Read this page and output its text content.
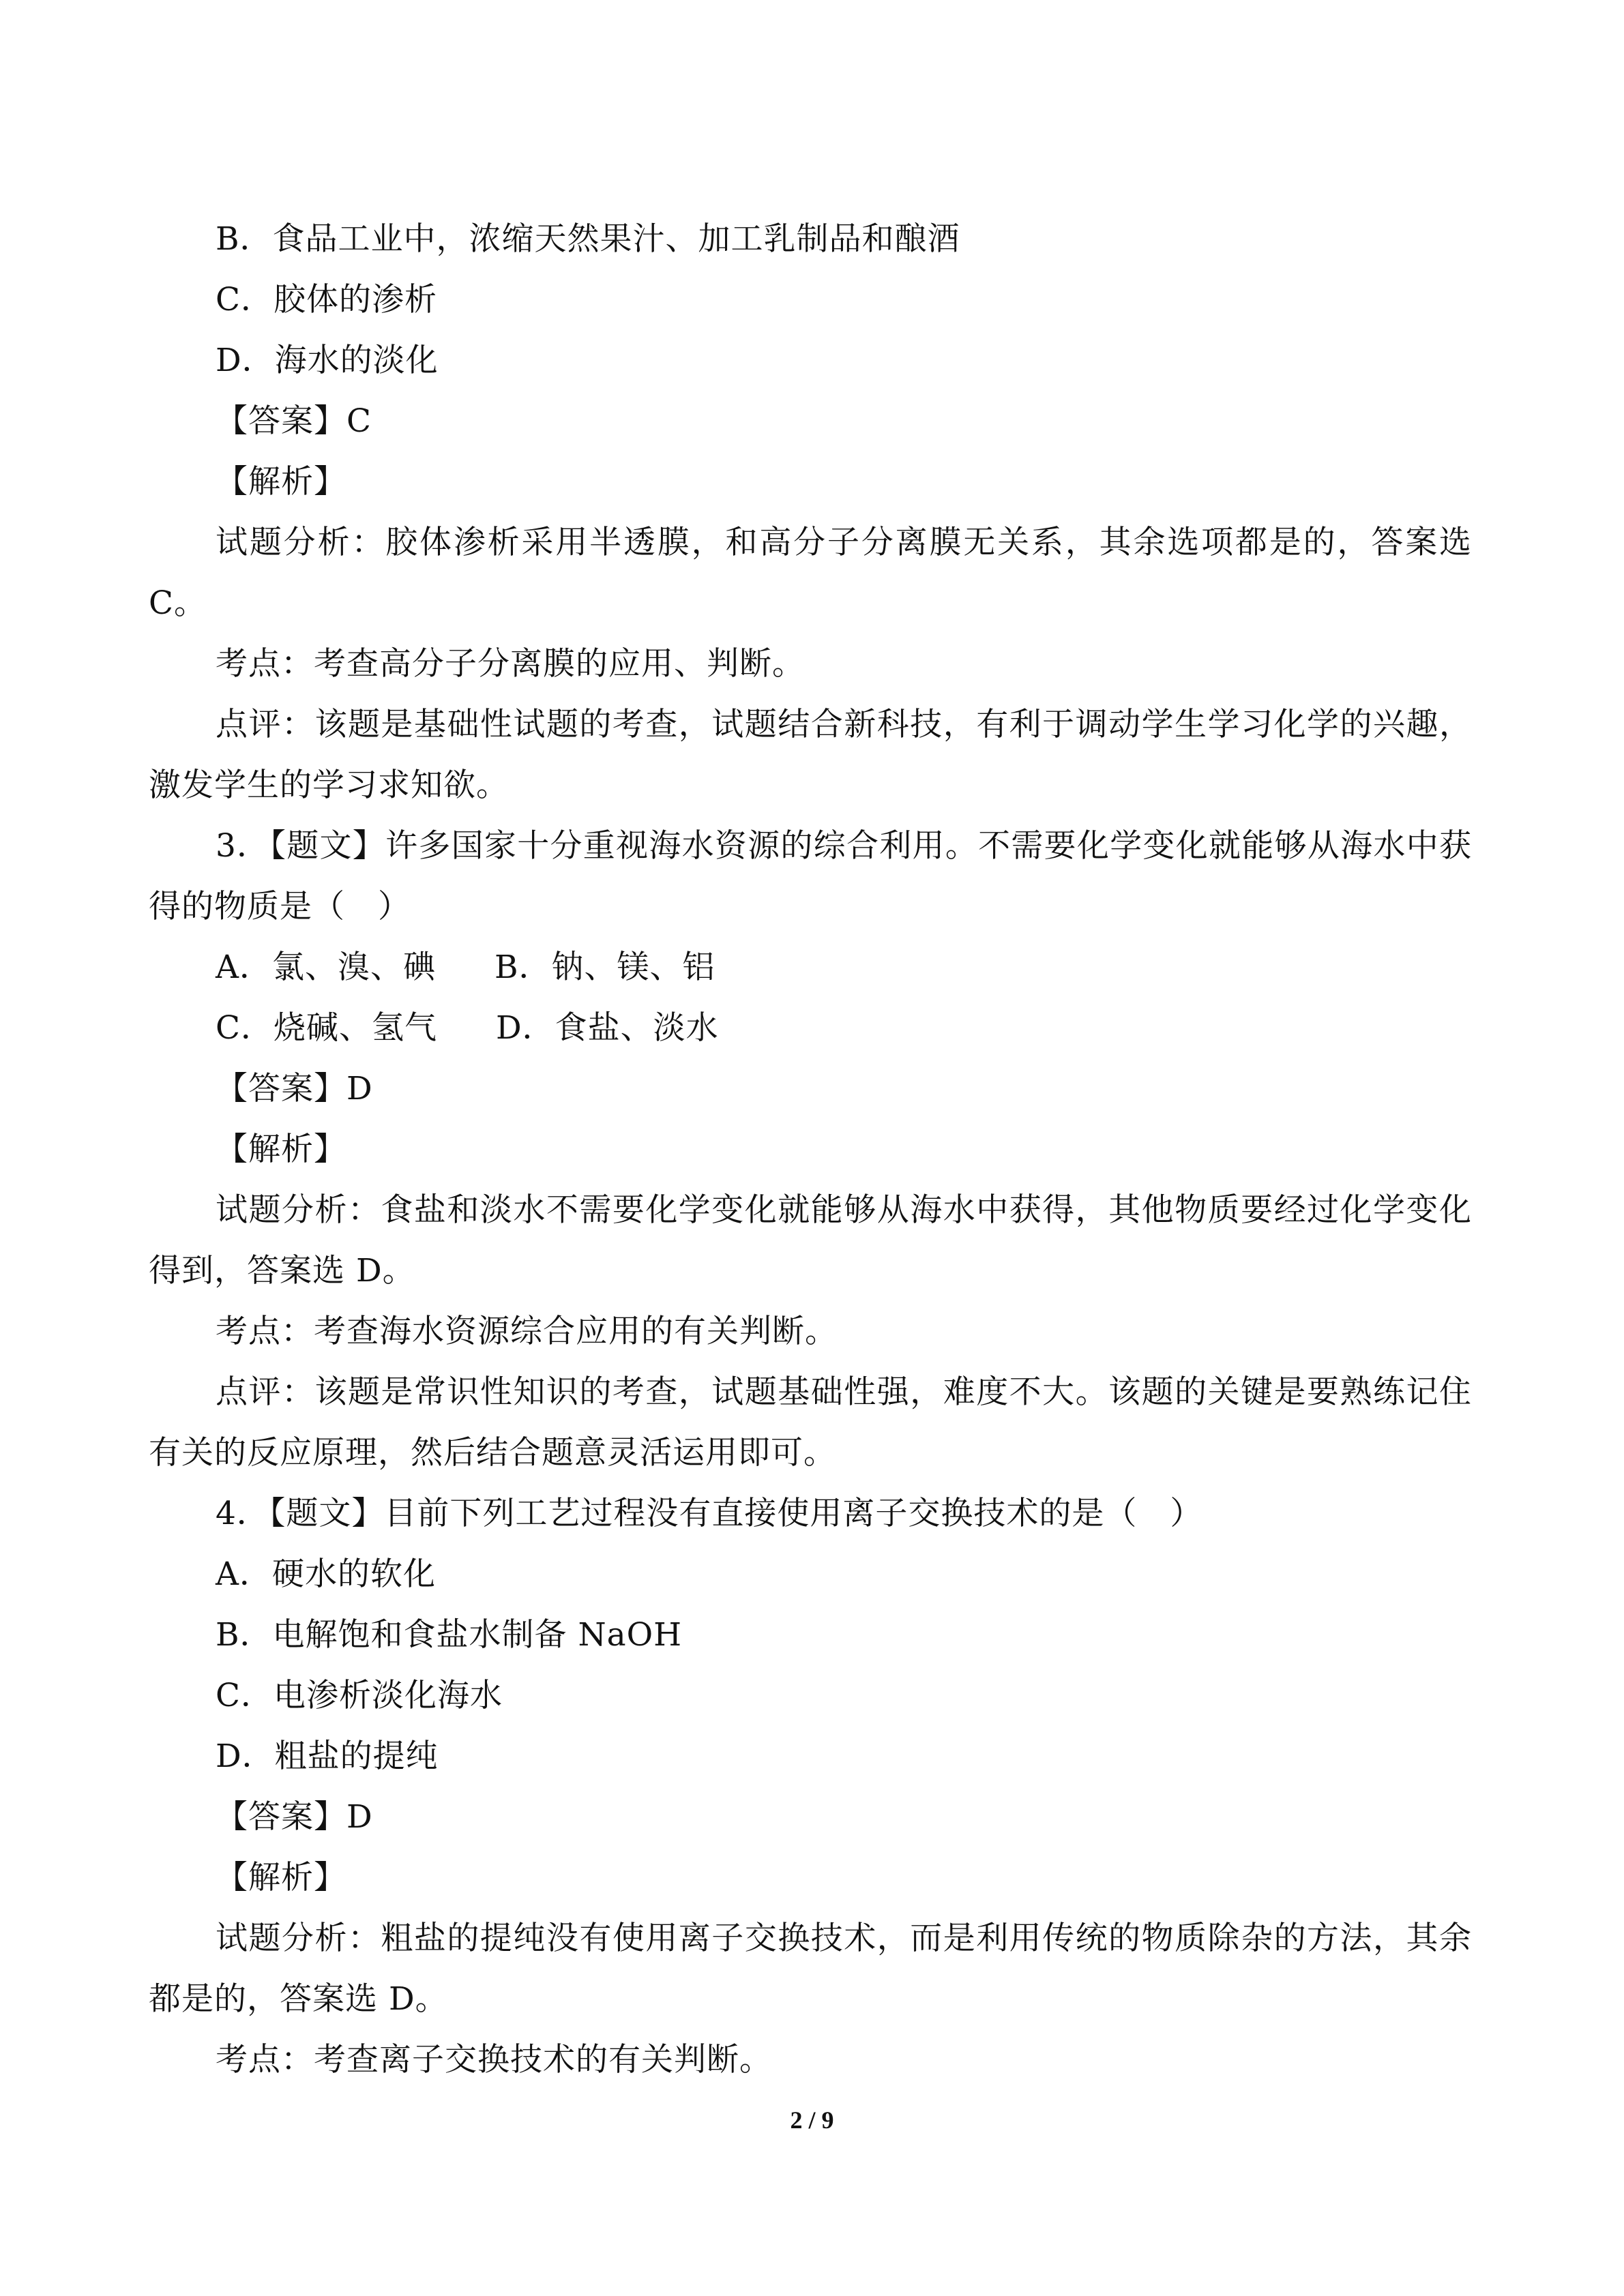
B．食品工业中，浓缩天然果汁、加工乳制品和酿酒
C．胶体的渗析
D．海水的淡化
【答案】C
【解析】
试题分析：胶体渗析采用半透膜，和高分子分离膜无关系，其余选项都是的，答案选
C。
考点：考查高分子分离膜的应用、判断。
点评：该题是基础性试题的考查，试题结合新科技，有利于调动学生学习化学的兴趣，
激发学生的学习求知欲。
3．【题文】许多国家十分重视海水资源的综合利用。不需要化学变化就能够从海水中获
得的物质是（　）
A．氯、溴、碘 B．钠、镁、铝
C．烧碱、氢气 D．食盐、淡水
【答案】D
【解析】
试题分析：食盐和淡水不需要化学变化就能够从海水中获得，其他物质要经过化学变化
得到，答案选 D。
考点：考查海水资源综合应用的有关判断。
点评：该题是常识性知识的考查，试题基础性强，难度不大。该题的关键是要熟练记住
有关的反应原理，然后结合题意灵活运用即可。
4．【题文】目前下列工艺过程没有直接使用离子交换技术的是（　）
A．硬水的软化
B．电解饱和食盐水制备 NaOH
C．电渗析淡化海水
D．粗盐的提纯
【答案】D
【解析】
试题分析：粗盐的提纯没有使用离子交换技术，而是利用传统的物质除杂的方法，其余
都是的，答案选 D。
考点：考查离子交换技术的有关判断。
2 / 9
